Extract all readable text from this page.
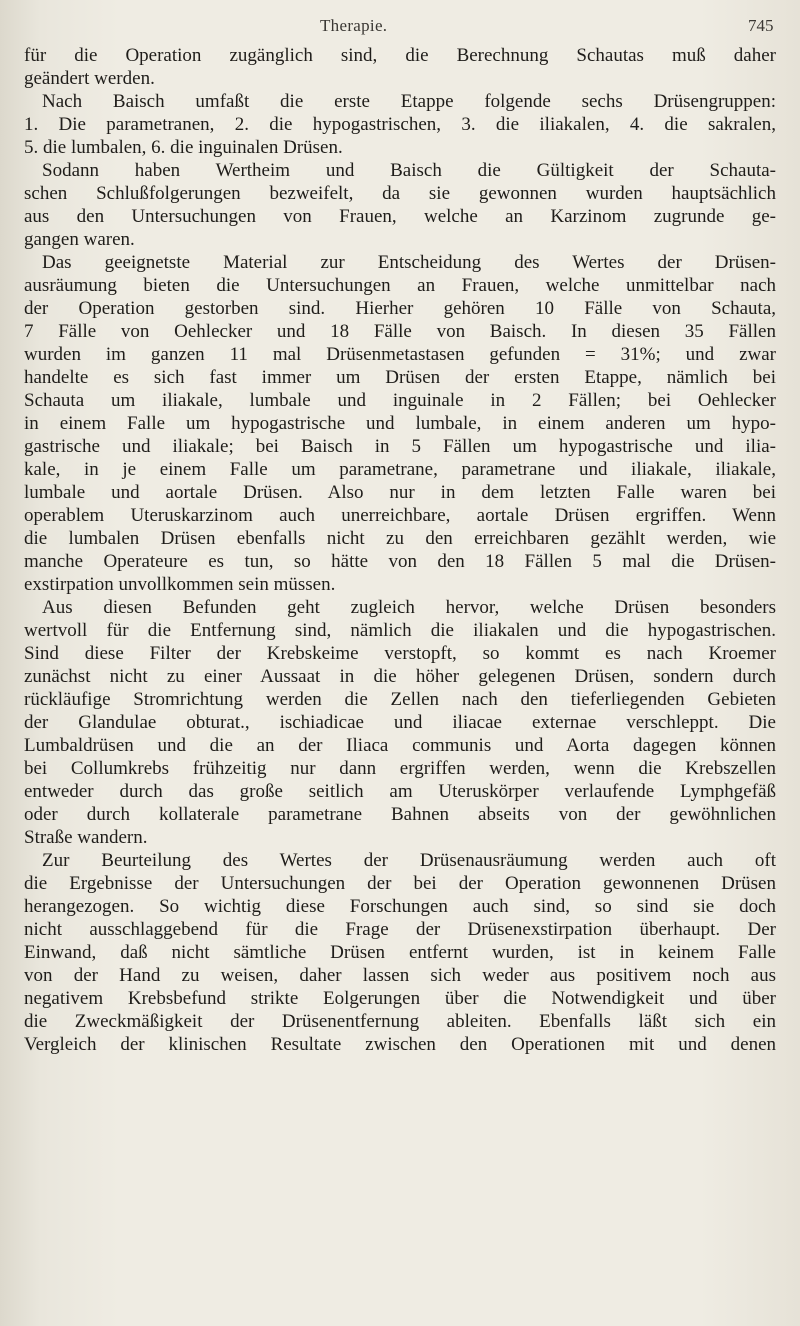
Therapie.	745
für die Operation zugänglich sind, die Berechnung Schautas muß daher
geändert werden.
Nach Baisch umfaßt die erste Etappe folgende sechs Drüsengruppen:
1. Die parametranen, 2. die hypogastrischen, 3. die iliakalen, 4. die sakralen,
5. die lumbalen, 6. die inguinalen Drüsen.
Sodann haben Wertheim und Baisch die Gültigkeit der Schauta-
schen Schlußfolgerungen bezweifelt, da sie gewonnen wurden hauptsächlich
aus den Untersuchungen von Frauen, welche an Karzinom zugrunde ge-
gangen waren.
Das geeignetste Material zur Entscheidung des Wertes der Drüsen-
ausräumung bieten die Untersuchungen an Frauen, welche unmittelbar nach
der Operation gestorben sind. Hierher gehören 10 Fälle von Schauta,
7 Fälle von Oehlecker und 18 Fälle von Baisch. In diesen 35 Fällen
wurden im ganzen 11 mal Drüsenmetastasen gefunden = 31%; und zwar
handelte es sich fast immer um Drüsen der ersten Etappe, nämlich bei
Schauta um iliakale, lumbale und inguinale in 2 Fällen; bei Oehlecker
in einem Falle um hypogastrische und lumbale, in einem anderen um hypo-
gastrische und iliakale; bei Baisch in 5 Fällen um hypogastrische und ilia-
kale, in je einem Falle um parametrane, parametrane und iliakale, iliakale,
lumbale und aortale Drüsen. Also nur in dem letzten Falle waren bei
operablem Uteruskarzinom auch unerreichbare, aortale Drüsen ergriffen. Wenn
die lumbalen Drüsen ebenfalls nicht zu den erreichbaren gezählt werden, wie
manche Operateure es tun, so hätte von den 18 Fällen 5 mal die Drüsen-
exstirpation unvollkommen sein müssen.
Aus diesen Befunden geht zugleich hervor, welche Drüsen besonders
wertvoll für die Entfernung sind, nämlich die iliakalen und die hypogastrischen.
Sind diese Filter der Krebskeime verstopft, so kommt es nach Kroemer
zunächst nicht zu einer Aussaat in die höher gelegenen Drüsen, sondern durch
rückläufige Stromrichtung werden die Zellen nach den tieferliegenden Gebieten
der Glandulae obturat., ischiadicae und iliacae externae verschleppt. Die
Lumbaldrüsen und die an der Iliaca communis und Aorta dagegen können
bei Collumkrebs frühzeitig nur dann ergriffen werden, wenn die Krebszellen
entweder durch das große seitlich am Uteruskörper verlaufende Lymphgefäß
oder durch kollaterale parametrane Bahnen abseits von der gewöhnlichen
Straße wandern.
Zur Beurteilung des Wertes der Drüsenausräumung werden auch oft
die Ergebnisse der Untersuchungen der bei der Operation gewonnenen Drüsen
herangezogen. So wichtig diese Forschungen auch sind, so sind sie doch
nicht ausschlaggebend für die Frage der Drüsenexstirpation überhaupt. Der
Einwand, daß nicht sämtliche Drüsen entfernt wurden, ist in keinem Falle
von der Hand zu weisen, daher lassen sich weder aus positivem noch aus
negativem Krebsbefund strikte Eolgerungen über die Notwendigkeit und über
die Zweckmäßigkeit der Drüsenentfernung ableiten. Ebenfalls läßt sich ein
Vergleich der klinischen Resultate zwischen den Operationen mit und denen
